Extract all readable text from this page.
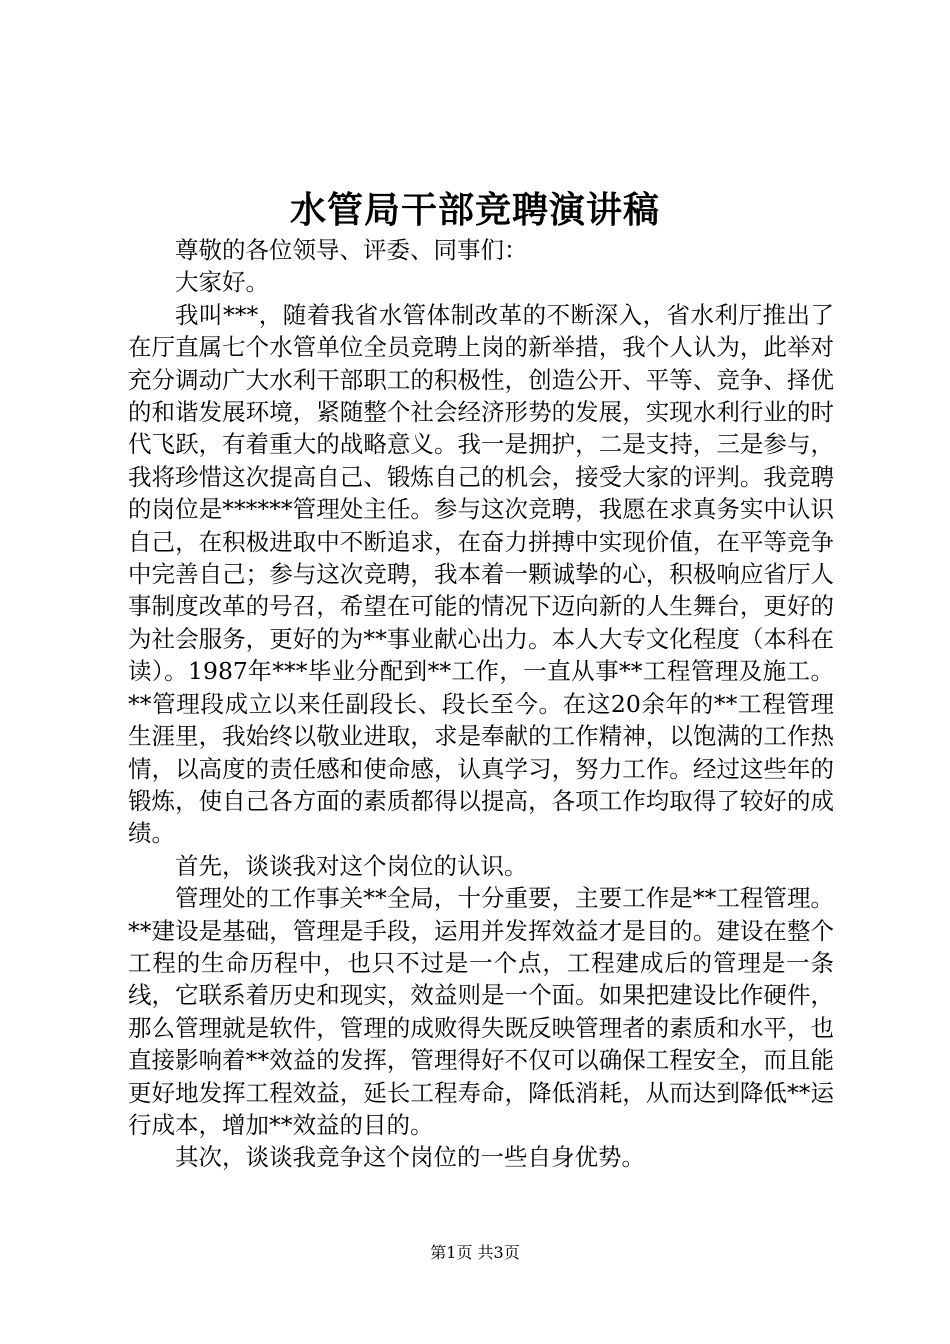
水管局干部竞聘演讲稿

尊敬的各位领导、评委、同事们：

大家好。

我叫***，随着我省水管体制改革的不断深入，省水利厅推出了在厅直属七个水管单位全员竞聘上岗的新举措，我个人认为，此举对充分调动广大水利干部职工的积极性，创造公开、平等、竞争、择优的和谐发展环境，紧随整个社会经济形势的发展，实现水利行业的时代飞跃，有着重大的战略意义。我一是拥护，二是支持，三是参与，我将珍惜这次提高自己、锻炼自己的机会，接受大家的评判。我竞聘的岗位是******管理处主任。参与这次竞聘，我愿在求真务实中认识自己，在积极进取中不断追求，在奋力拼搏中实现价值，在平等竞争中完善自己；参与这次竞聘，我本着一颗诚挚的心，积极响应省厅人事制度改革的号召，希望在可能的情况下迈向新的人生舞台，更好的为社会服务，更好的为**事业献心出力。本人大专文化程度（本科在读）。1987年***毕业分配到**工作，一直从事**工程管理及施工。**管理段成立以来任副段长、段长至今。在这20余年的**工程管理生涯里，我始终以敬业进取，求是奉献的工作精神，以饱满的工作热情，以高度的责任感和使命感，认真学习，努力工作。经过这些年的锻炼，使自己各方面的素质都得以提高，各项工作均取得了较好的成绩。

首先，谈谈我对这个岗位的认识。

管理处的工作事关**全局，十分重要，主要工作是**工程管理。**建设是基础，管理是手段，运用并发挥效益才是目的。建设在整个工程的生命历程中，也只不过是一个点，工程建成后的管理是一条线，它联系着历史和现实，效益则是一个面。如果把建设比作硬件，那么管理就是软件，管理的成败得失既反映管理者的素质和水平，也直接影响着**效益的发挥，管理得好不仅可以确保工程安全，而且能更好地发挥工程效益，延长工程寿命，降低消耗，从而达到降低**运行成本，增加**效益的目的。

其次，谈谈我竞争这个岗位的一些自身优势。

第1页 共3页
